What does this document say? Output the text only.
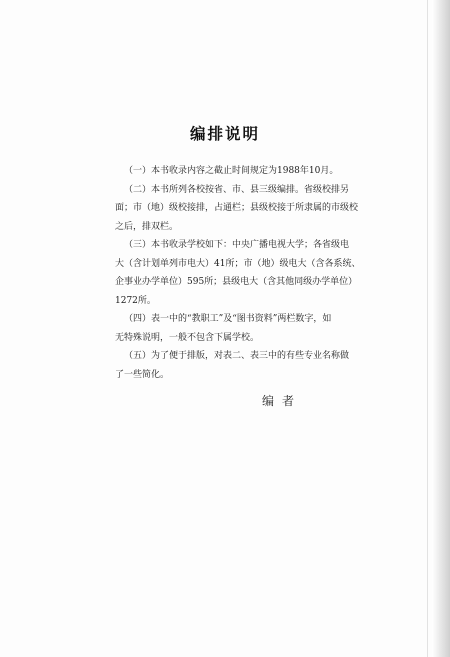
编排说明

（一）本书收录内容之截止时间规定为1988年10月。

（二）本书所列各校按省、市、县三级编排。省级校排另
面；市（地）级校接排，占通栏；县级校接于所隶属的市级校
之后，排双栏。

（三）本书收录学校如下：中央广播电视大学；各省级电
大（含计划单列市电大）41所；市（地）级电大（含各系统、
企事业办学单位）595所；县级电大（含其他同级办学单位）
1272所。

（四）表一中的“教职工”及“图书资料”两栏数字，如
无特殊说明，一般不包含下属学校。

（五）为了便于排版，对表二、表三中的有些专业名称做
了一些简化。

编者
